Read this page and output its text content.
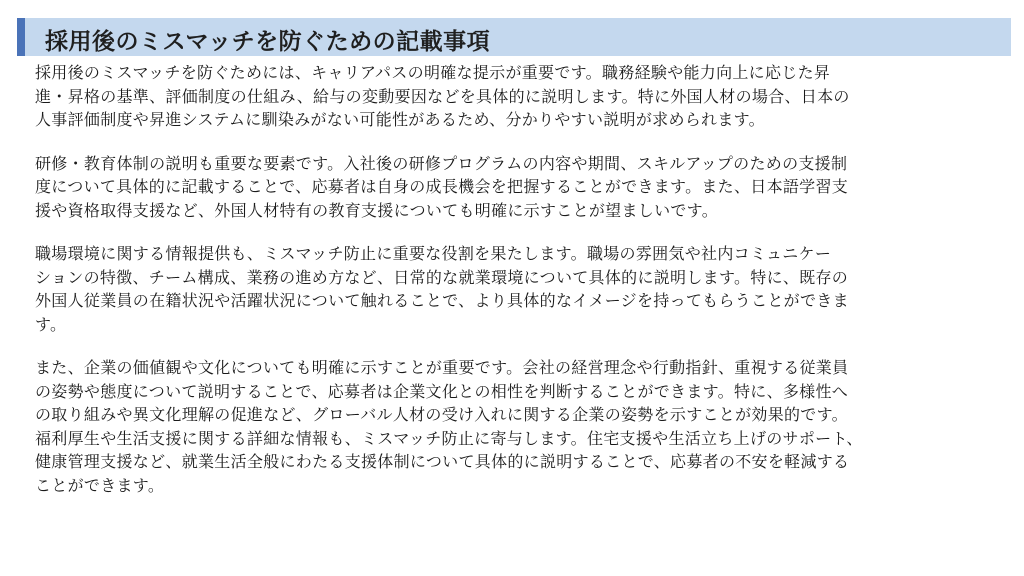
採用後のミスマッチを防ぐための記載事項

採用後のミスマッチを防ぐためには、キャリアパスの明確な提示が重要です。職務経験や能力向上に応じた昇
進・昇格の基準、評価制度の仕組み、給与の変動要因などを具体的に説明します。特に外国人材の場合、日本の
人事評価制度や昇進システムに馴染みがない可能性があるため、分かりやすい説明が求められます。

研修・教育体制の説明も重要な要素です。入社後の研修プログラムの内容や期間、スキルアップのための支援制
度について具体的に記載することで、応募者は自身の成長機会を把握することができます。また、日本語学習支
援や資格取得支援など、外国人材特有の教育支援についても明確に示すことが望ましいです。

職場環境に関する情報提供も、ミスマッチ防止に重要な役割を果たします。職場の雰囲気や社内コミュニケー
ションの特徴、チーム構成、業務の進め方など、日常的な就業環境について具体的に説明します。特に、既存の
外国人従業員の在籍状況や活躍状況について触れることで、より具体的なイメージを持ってもらうことができま
す。

また、企業の価値観や文化についても明確に示すことが重要です。会社の経営理念や行動指針、重視する従業員
の姿勢や態度について説明することで、応募者は企業文化との相性を判断することができます。特に、多様性へ
の取り組みや異文化理解の促進など、グローバル人材の受け入れに関する企業の姿勢を示すことが効果的です。
福利厚生や生活支援に関する詳細な情報も、ミスマッチ防止に寄与します。住宅支援や生活立ち上げのサポート、
健康管理支援など、就業生活全般にわたる支援体制について具体的に説明することで、応募者の不安を軽減する
ことができます。
